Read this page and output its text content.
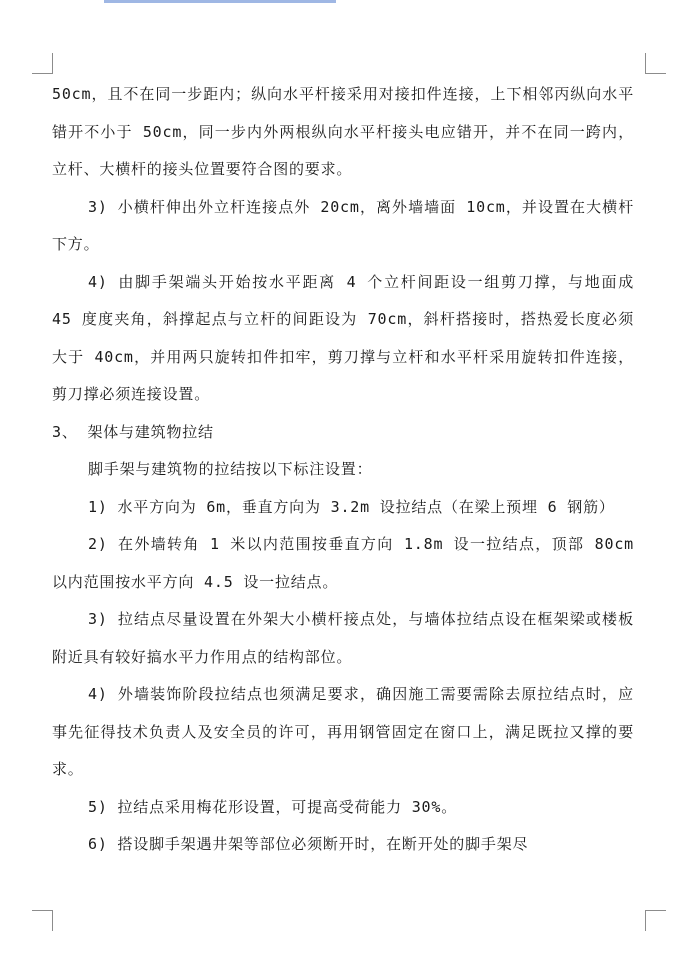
50cm，且不在同一步距内；纵向水平杆接采用对接扣件连接，上下相邻丙纵向水平错开不小于 50cm，同一步内外两根纵向水平杆接头电应错开，并不在同一跨内，立杆、大横杆的接头位置要符合图的要求。

3) 小横杆伸出外立杆连接点外 20cm，离外墙墙面 10cm，并设置在大横杆下方。

4) 由脚手架端头开始按水平距离 4 个立杆间距设一组剪刀撑，与地面成 45 度度夹角，斜撑起点与立杆的间距设为 70cm，斜杆搭接时，搭热爱长度必须大于 40cm，并用两只旋转扣件扣牢，剪刀撑与立杆和水平杆采用旋转扣件连接，剪刀撑必须连接设置。

3、 架体与建筑物拉结

脚手架与建筑物的拉结按以下标注设置：

1) 水平方向为 6m，垂直方向为 3.2m 设拉结点（在梁上预埋 6 钢筋）

2) 在外墙转角 1 米以内范围按垂直方向 1.8m 设一拉结点，顶部 80cm 以内范围按水平方向 4.5 设一拉结点。

3) 拉结点尽量设置在外架大小横杆接点处，与墙体拉结点设在框架梁或楼板附近具有较好搞水平力作用点的结构部位。

4) 外墙装饰阶段拉结点也须满足要求，确因施工需要需除去原拉结点时，应事先征得技术负责人及安全员的许可，再用钢管固定在窗口上，满足既拉又撑的要求。

5) 拉结点采用梅花形设置，可提高受荷能力 30%。

6) 搭设脚手架遇井架等部位必须断开时，在断开处的脚手架尽
